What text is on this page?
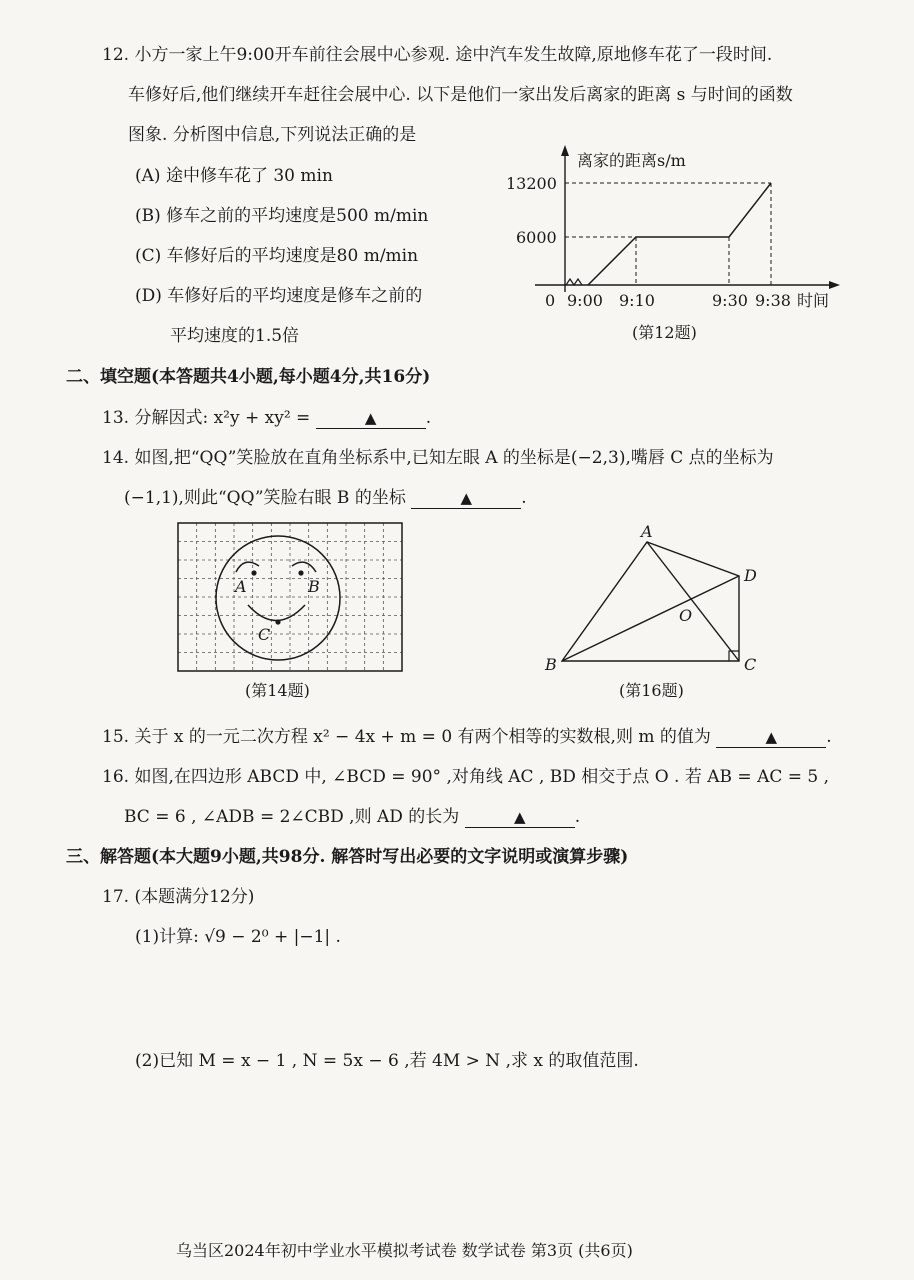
12. 小方一家上午9:00开车前往会展中心参观. 途中汽车发生故障,原地修车花了一段时间.
车修好后,他们继续开车赶往会展中心. 以下是他们一家出发后离家的距离 s 与时间的函数
图象. 分析图中信息,下列说法正确的是
(A) 途中修车花了 30 min
(B) 修车之前的平均速度是500 m/min
(C) 车修好后的平均速度是80 m/min
(D) 车修好后的平均速度是修车之前的
平均速度的1.5倍
离家的距离s/m
13200
6000
0 9:00 9:10	9:30 9:38 时间
(第12题)
二、填空题(本答题共4小题,每小题4分,共16分)
13. 分解因式: x²y + xy² =	▲	.
14. 如图,把“QQ”笑脸放在直角坐标系中,已知左眼 A 的坐标是(−2,3),嘴唇 C 点的坐标为
(−1,1),则此“QQ”笑脸右眼 B 的坐标	▲	.
A	B
C
(第14题)
A
B	C
D
O
(第16题)
15. 关于 x 的一元二次方程 x² − 4x + m = 0 有两个相等的实数根,则 m 的值为	▲	.
16. 如图,在四边形 ABCD 中, ∠BCD = 90° ,对角线 AC , BD 相交于点 O . 若 AB = AC = 5 ,
BC = 6 , ∠ADB = 2∠CBD ,则 AD 的长为	▲	.
三、解答题(本大题9小题,共98分. 解答时写出必要的文字说明或演算步骤)
17. (本题满分12分)
(1)计算: √9 − 2⁰ + |−1| .
(2)已知 M = x − 1 , N = 5x − 6 ,若 4M > N ,求 x 的取值范围.
乌当区2024年初中学业水平模拟考试卷 数学试卷 第3页 (共6页)
